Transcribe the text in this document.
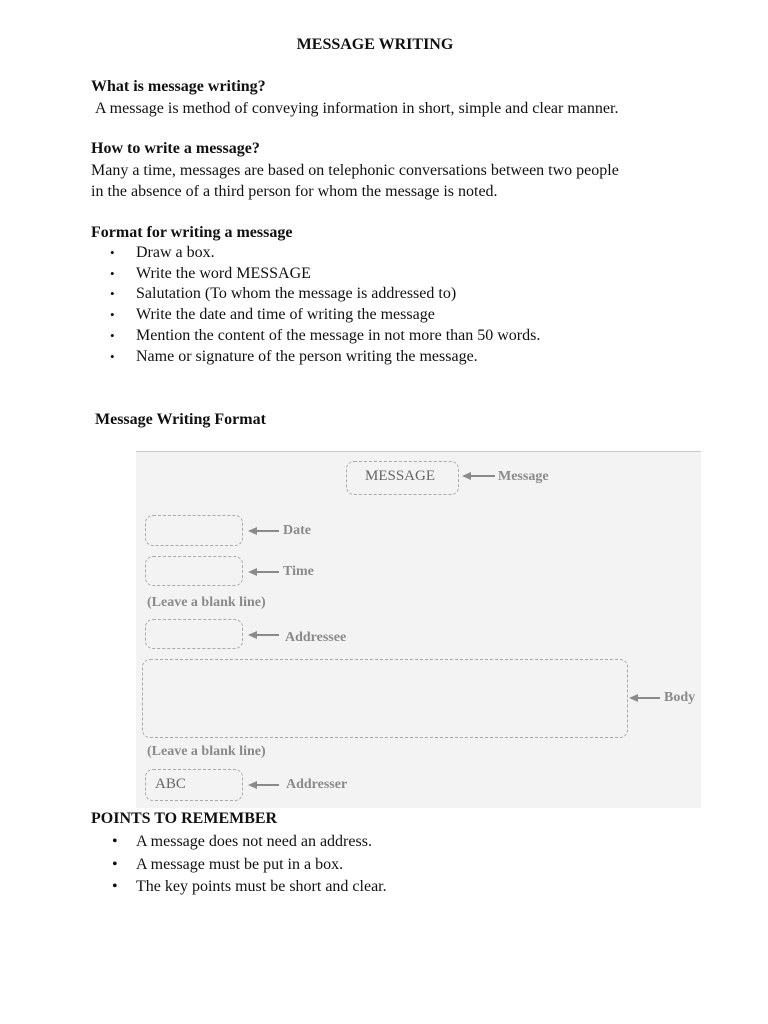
MESSAGE WRITING
What is message writing?
A message is method of conveying information in short, simple and clear manner.
How to write a message?
Many a time, messages are based on telephonic conversations between two people
in the absence of a third person for whom the message is noted.
Format for writing a message
• Draw a box.
• Write the word MESSAGE
• Salutation (To whom the message is addressed to)
• Write the date and time of writing the message
• Mention the content of the message in not more than 50 words.
• Name or signature of the person writing the message.
Message Writing Format
MESSAGE	Message
Date
Time
(Leave a blank line)
Addressee
Body
(Leave a blank line)
ABC	Addresser
POINTS TO REMEMBER
• A message does not need an address.
• A message must be put in a box.
• The key points must be short and clear.
